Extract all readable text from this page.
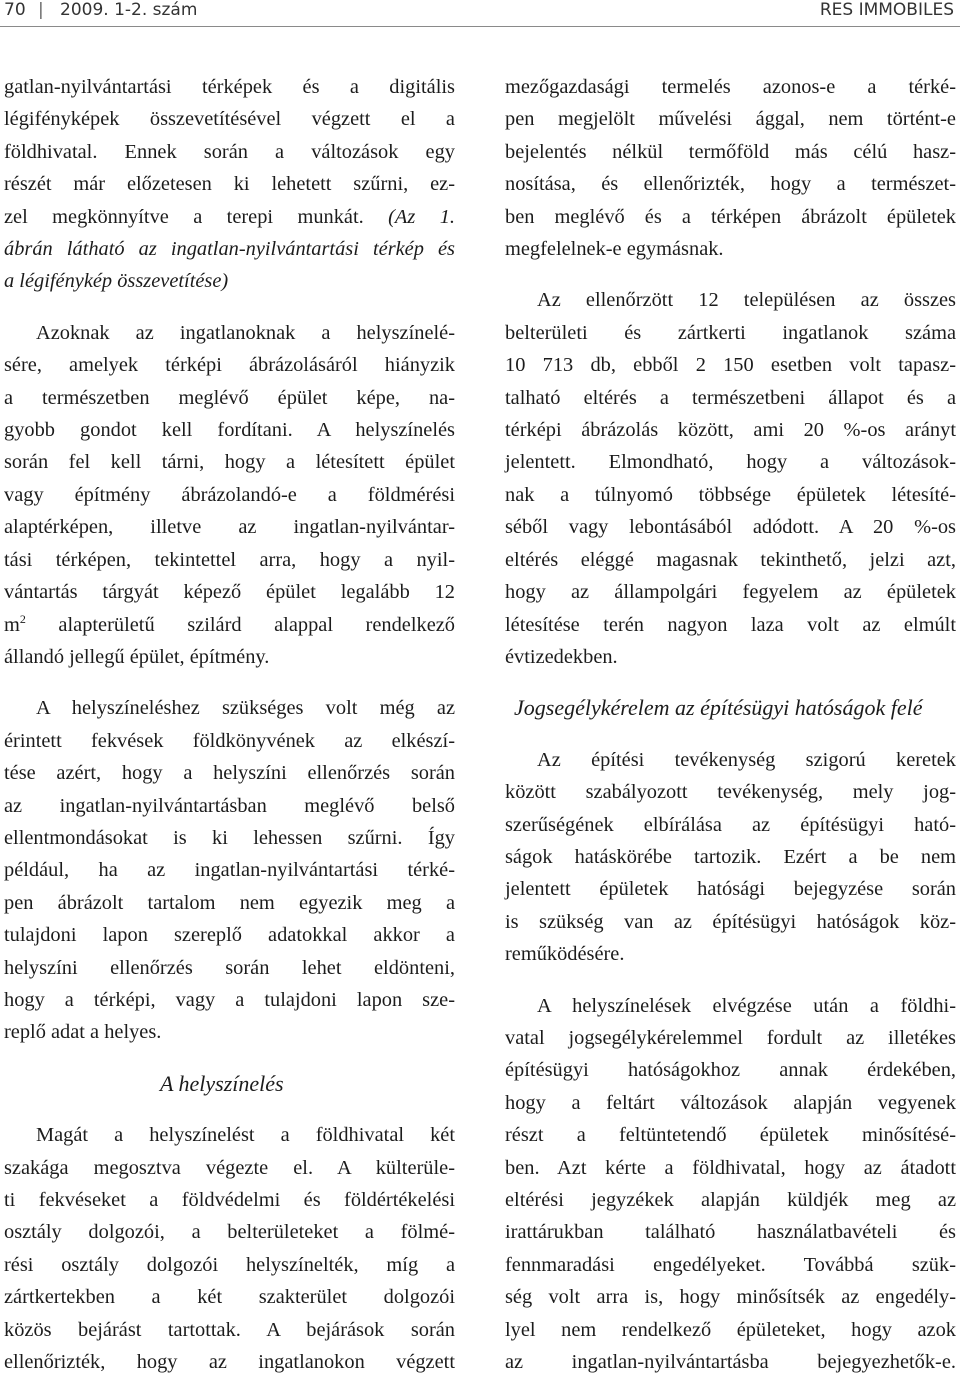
70 | 2009. 1-2. szám	RES IMMOBILES
gatlan-nyilvántartási térképek és a digitális
légifényképek összevetítésével végzett el a
földhivatal. Ennek során a változások egy
részét már előzetesen ki lehetett szűrni, ez-
zel megkönnyítve a terepi munkát. (Az 1.
ábrán látható az ingatlan-nyilvántartási térkép és
a légifénykép összevetítése)
Azoknak az ingatlanoknak a helyszínelé-
sére, amelyek térképi ábrázolásáról hiányzik
a természetben meglévő épület képe, na-
gyobb gondot kell fordítani. A helyszínelés
során fel kell tárni, hogy a létesített épület
vagy építmény ábrázolandó-e a földmérési
alaptérképen, illetve az ingatlan-nyilvántar-
tási térképen, tekintettel arra, hogy a nyil-
vántartás tárgyát képező épület legalább 12
$m^2$ alapterületű szilárd alappal rendelkező
állandó jellegű épület, építmény.
A helyszíneléshez szükséges volt még az
érintett fekvések földkönyvének az elkészí-
tése azért, hogy a helyszíni ellenőrzés során
az ingatlan-nyilvántartásban meglévő belső
ellentmondásokat is ki lehessen szűrni. Így
például, ha az ingatlan-nyilvántartási térké-
pen ábrázolt tartalom nem egyezik meg a
tulajdoni lapon szereplő adatokkal akkor a
helyszíni ellenőrzés során lehet eldönteni,
hogy a térképi, vagy a tulajdoni lapon sze-
replő adat a helyes.
A helyszínelés
Magát a helyszínelést a földhivatal két
szakága megosztva végezte el. A külterüle-
ti fekvéseket a földvédelmi és földértékelési
osztály dolgozói, a belterületeket a fölmé-
rési osztály dolgozói helyszínelték, míg a
zártkertekben a két szakterület dolgozói
közös bejárást tartottak. A bejárások során
ellenőrizték, hogy az ingatlanokon végzett
mezőgazdasági termelés azonos-e a térké-
pen megjelölt művelési ággal, nem történt-e
bejelentés nélkül termőföld más célú hasz-
nosítása, és ellenőrizték, hogy a természet-
ben meglévő és a térképen ábrázolt épületek
megfelelnek-e egymásnak.
Az ellenőrzött 12 településen az összes
belterületi és zártkerti ingatlanok száma
10 713 db, ebből 2 150 esetben volt tapasz-
talható eltérés a természetbeni állapot és a
térképi ábrázolás között, ami 20 %-os arányt
jelentett. Elmondható, hogy a változások-
nak a túlnyomó többsége épületek létesíté-
séből vagy lebontásából adódott. A 20 %-os
eltérés eléggé magasnak tekinthető, jelzi azt,
hogy az állampolgári fegyelem az épületek
létesítése terén nagyon laza volt az elmúlt
évtizedekben.
Jogsegélykérelem az építésügyi hatóságok felé
Az építési tevékenység szigorú keretek
között szabályozott tevékenység, mely jog-
szerűségének elbírálása az építésügyi ható-
ságok hatáskörébe tartozik. Ezért a be nem
jelentett épületek hatósági bejegyzése során
is szükség van az építésügyi hatóságok köz-
reműködésére.
A helyszínelések elvégzése után a földhi-
vatal jogsegélykérelemmel fordult az illetékes
építésügyi hatóságokhoz annak érdekében,
hogy a feltárt változások alapján vegyenek
részt a feltüntetendő épületek minősítésé-
ben. Azt kérte a földhivatal, hogy az átadott
eltérési jegyzékek alapján küldjék meg az
irattárukban található használatbavételi és
fennmaradási engedélyeket. Továbbá szük-
ség volt arra is, hogy minősítsék az engedély-
lyel nem rendelkező épületeket, hogy azok
az ingatlan-nyilvántartásba bejegyezhetők-e.
